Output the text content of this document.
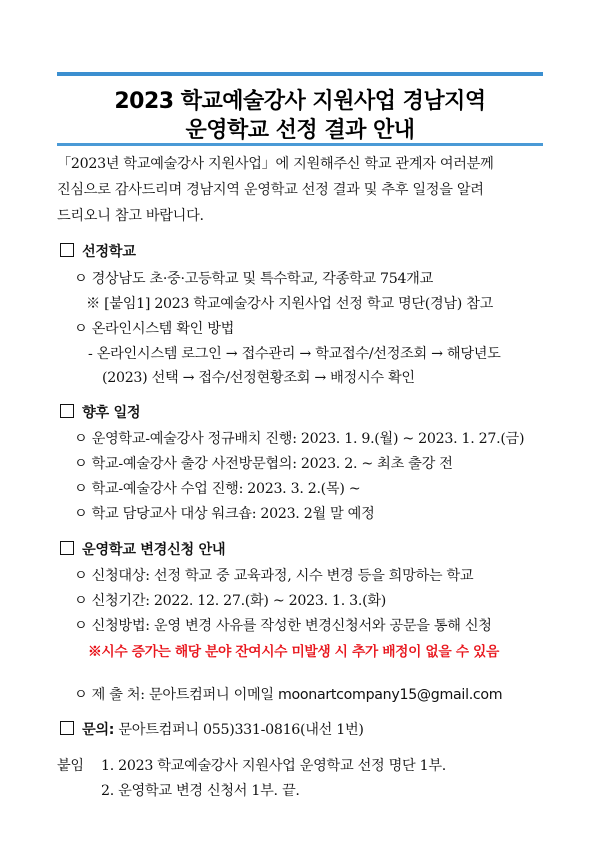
2023 학교예술강사 지원사업 경남지역
운영학교 선정 결과 안내
「2023년 학교예술강사 지원사업」에 지원해주신 학교 관계자 여러분께
진심으로 감사드리며 경남지역 운영학교 선정 결과 및 추후 일정을 알려
드리오니 참고 바랍니다.
선정학교
ㅇ 경상남도 초·중·고등학교 및 특수학교, 각종학교 754개교
※ [붙임1] 2023 학교예술강사 지원사업 선정 학교 명단(경남) 참고
ㅇ 온라인시스템 확인 방법
- 온라인시스템 로그인 → 접수관리 → 학교접수/선정조회 → 해당년도
(2023) 선택 → 접수/선정현황조회 → 배정시수 확인
향후 일정
ㅇ 운영학교-예술강사 정규배치 진행: 2023. 1. 9.(월) ~ 2023. 1. 27.(금)
ㅇ 학교-예술강사 출강 사전방문협의: 2023. 2. ~ 최초 출강 전
ㅇ 학교-예술강사 수업 진행: 2023. 3. 2.(목) ~
ㅇ 학교 담당교사 대상 워크숍: 2023. 2월 말 예정
운영학교 변경신청 안내
ㅇ 신청대상: 선정 학교 중 교육과정, 시수 변경 등을 희망하는 학교
ㅇ 신청기간: 2022. 12. 27.(화) ~ 2023. 1. 3.(화)
ㅇ 신청방법: 운영 변경 사유를 작성한 변경신청서와 공문을 통해 신청
※시수 증가는 해당 분야 잔여시수 미발생 시 추가 배정이 없을 수 있음
ㅇ 제 출 처: 문아트컴퍼니 이메일 moonartcompany15@gmail.com
문의: 문아트컴퍼니 055)331-0816(내선 1번)
붙임 1. 2023 학교예술강사 지원사업 운영학교 선정 명단 1부.
2. 운영학교 변경 신청서 1부. 끝.
